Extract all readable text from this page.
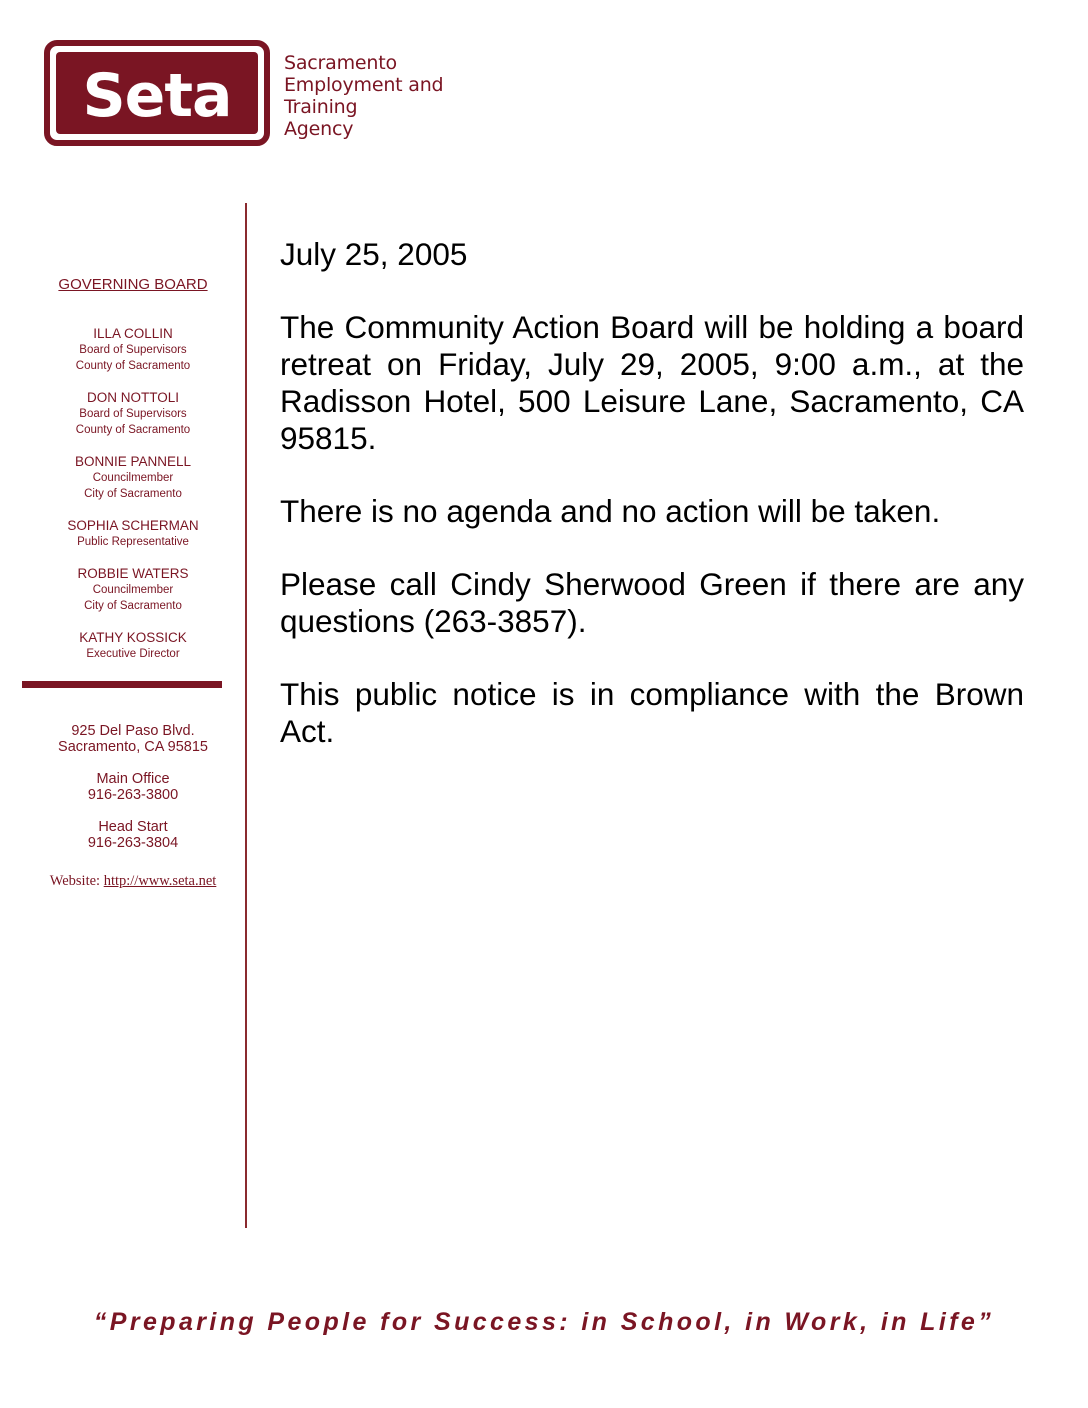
Seta	Sacramento
Employment and
Training
Agency
GOVERNING BOARD
ILLA COLLIN
Board of Supervisors
County of Sacramento
DON NOTTOLI
Board of Supervisors
County of Sacramento
BONNIE PANNELL
Councilmember
City of Sacramento
SOPHIA SCHERMAN
Public Representative
ROBBIE WATERS
Councilmember
City of Sacramento
KATHY KOSSICK
Executive Director
925 Del Paso Blvd.
Sacramento, CA 95815
Main Office
916-263-3800
Head Start
916-263-3804
Website: http://www.seta.net

July 25, 2005

The Community Action Board will be holding a board retreat on Friday, July 29, 2005, 9:00 a.m., at the Radisson Hotel, 500 Leisure Lane, Sacramento, CA 95815.

There is no agenda and no action will be taken.

Please call Cindy Sherwood Green if there are any questions (263-3857).

This public notice is in compliance with the Brown Act.

“Preparing People for Success: in School, in Work, in Life”
